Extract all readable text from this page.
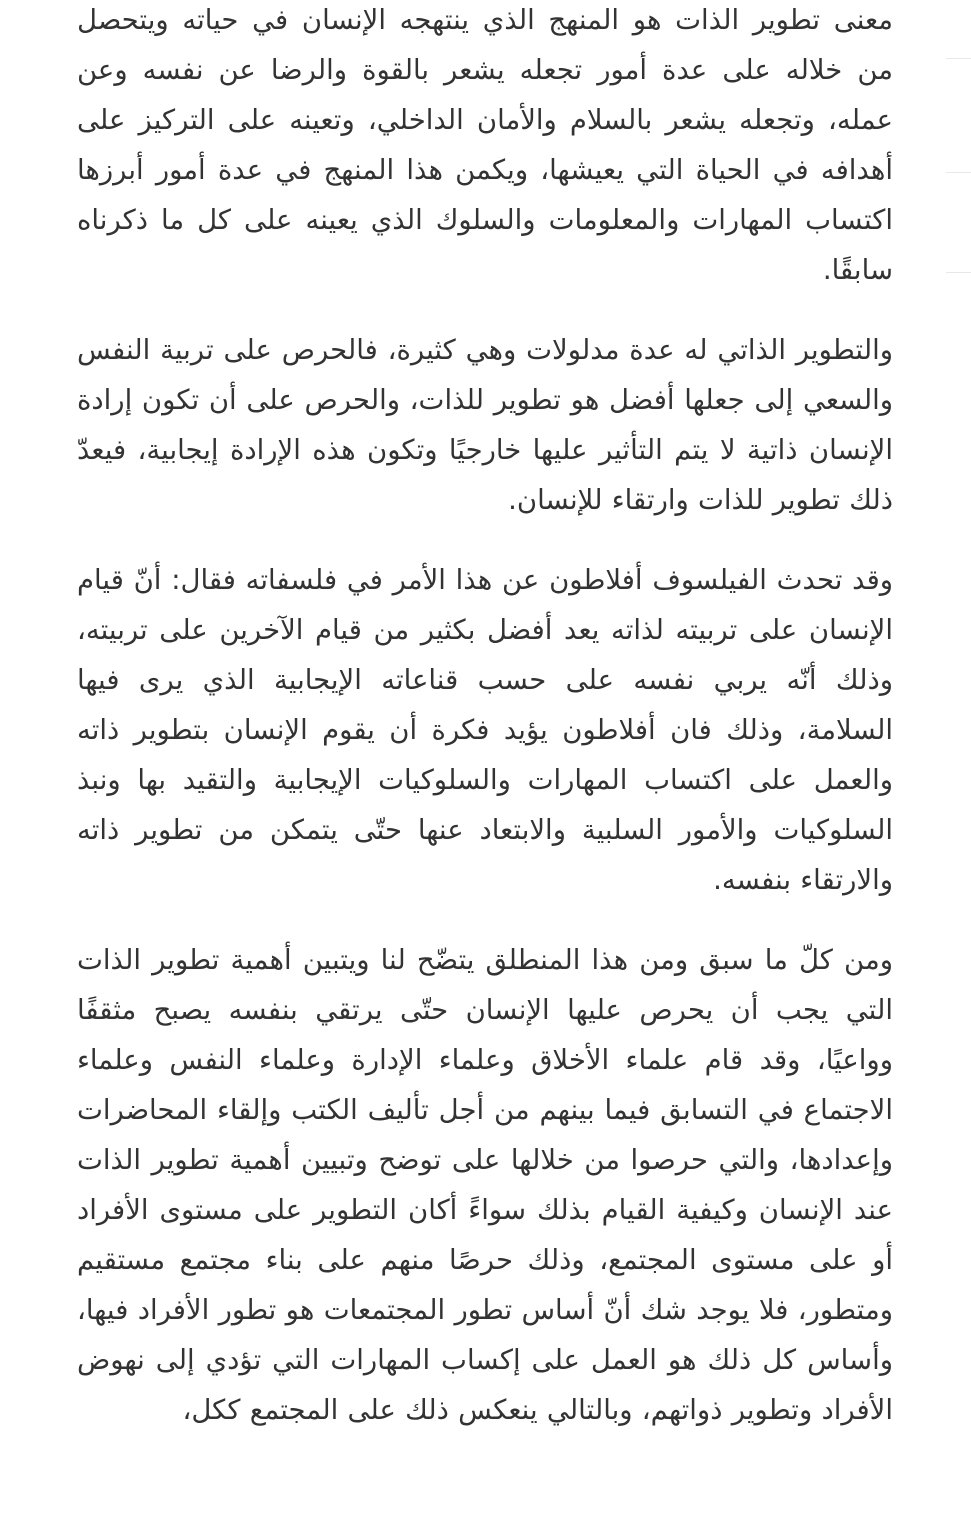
معنى تطوير الذات هو المنهج الذي ينتهجه الإنسان في حياته ويتحصل من خلاله على عدة أمور تجعله يشعر بالقوة والرضا عن نفسه وعن عمله، وتجعله يشعر بالسلام والأمان الداخلي، وتعينه على التركيز على أهدافه في الحياة التي يعيشها، ويكمن هذا المنهج في عدة أمور أبرزها اكتساب المهارات والمعلومات والسلوك الذي يعينه على كل ما ذكرناه سابقًا.

والتطوير الذاتي له عدة مدلولات وهي كثيرة، فالحرص على تربية النفس والسعي إلى جعلها أفضل هو تطوير للذات، والحرص على أن تكون إرادة الإنسان ذاتية لا يتم التأثير عليها خارجيًا وتكون هذه الإرادة إيجابية، فيعدّ ذلك تطوير للذات وارتقاء للإنسان.

وقد تحدث الفيلسوف أفلاطون عن هذا الأمر في فلسفاته فقال: أنّ قيام الإنسان على تربيته لذاته يعد أفضل بكثير من قيام الآخرين على تربيته، وذلك أنّه يربي نفسه على حسب قناعاته الإيجابية الذي يرى فيها السلامة، وذلك فان أفلاطون يؤيد فكرة أن يقوم الإنسان بتطوير ذاته والعمل على اكتساب المهارات والسلوكيات الإيجابية والتقيد بها ونبذ السلوكيات والأمور السلبية والابتعاد عنها حتّى يتمكن من تطوير ذاته والارتقاء بنفسه.

ومن كلّ ما سبق ومن هذا المنطلق يتضّح لنا ويتبين أهمية تطوير الذات التي يجب أن يحرص عليها الإنسان حتّى يرتقي بنفسه يصبح مثقفًا وواعيًا، وقد قام علماء الأخلاق وعلماء الإدارة وعلماء النفس وعلماء الاجتماع في التسابق فيما بينهم من أجل تأليف الكتب وإلقاء المحاضرات وإعدادها، والتي حرصوا من خلالها على توضح وتبيين أهمية تطوير الذات عند الإنسان وكيفية القيام بذلك سواءً أكان التطوير على مستوى الأفراد أو على مستوى المجتمع، وذلك حرصًا منهم على بناء مجتمع مستقيم ومتطور، فلا يوجد شك أنّ أساس تطور المجتمعات هو تطور الأفراد فيها، وأساس كل ذلك هو العمل على إكساب المهارات التي تؤدي إلى نهوض الأفراد وتطوير ذواتهم، وبالتالي ينعكس ذلك على المجتمع ككل،
